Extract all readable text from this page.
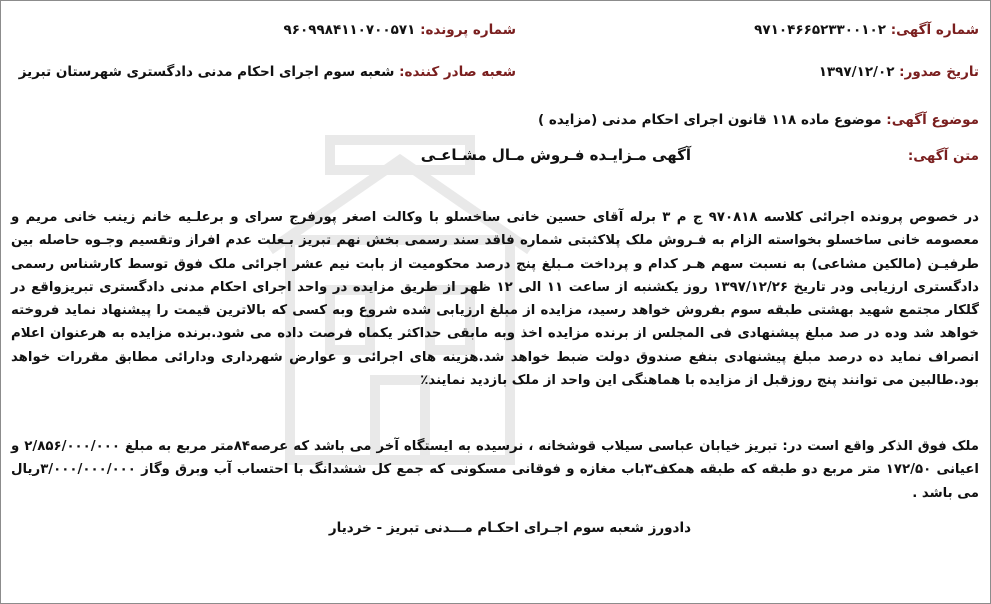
شماره آگهی: ۹۷۱۰۴۶۶۵۲۳۳۰۰۱۰۲
شماره پرونده: ۹۶۰۹۹۸۴۱۱۰۷۰۰۵۷۱
تاریخ صدور: ۱۳۹۷/۱۲/۰۲
شعبه صادر کننده: شعبه سوم اجرای احکام مدنی دادگستری شهرستان تبریز
موضوع آگهی: موضوع ماده ۱۱۸ قانون اجرای احکام مدنی (مزایده )
متن آگهی:
آگهی مـزایـده فـروش مـال مشـاعـی
در خصوص پرونده اجرائی کلاسه ۹۷۰۸۱۸ ج م ۳ برله آقای حسین خانی ساخسلو با وکالت اصغر پورفرج سرای و برعلـیه خانم زینب خانی مریم و معصومه خانی ساخسلو بخواسته الزام به فـروش ملک پلاکثبتی شماره فاقد سند رسمی بخش نهم تبریز بـعلت عدم افراز وتقسیم وجـوه حاصله بین طرفیـن (مالکین مشاعی) به نسبت سهم هـر کدام و پرداخت مـبلغ پنج درصد محکومیت از بابت نیم عشر اجرائی ملک فوق توسط کارشناس رسمی دادگستری ارزیابی ودر تاریخ ۱۳۹۷/۱۲/۲۶ روز یکشنبه از ساعت ۱۱ الی ۱۲ ظهر از طریق مزایده در واحد اجرای احکام مدنی دادگستری تبریزواقع در گلکار مجتمع شهید بهشتی طبقه سوم بفروش خواهد رسید، مزایده از مبلغ ارزیابی شده شروع وبه کسی که بالاترین قیمت را پیشنهاد نماید فروخته خواهد شد وده در صد مبلغ پیشنهادی فی المجلس از برنده مزایده اخذ وبه مابقی حداکثر یکماه فرصت داده می شود.برنده مزایده به هرعنوان اعلام انصراف نماید ده درصد مبلغ پیشنهادی بنفع صندوق دولت ضبط خواهد شد.هزینه های اجرائی و عوارض شهرداری ودارائی مطابق مقررات خواهد بود.طالبین می توانند پنج روزقبل از مزایده با هماهنگی این واحد از ملک بازدید نمایند٪
ملک فوق الذکر واقع است در: تبریز خیابان عباسی سیلاب قوشخانه ، نرسیده به ایستگاه آخر می باشد که عرصه۸۴متر مربع به مبلغ ۲/۸۵۶/۰۰۰/۰۰۰ و اعیانی ۱۷۲/۵۰ متر مربع دو طبقه که طبقه همکف۳باب مغازه و فوقانی مسکونی که جمع کل ششدانگ با احتساب آب وبرق وگاز ۳/۰۰۰/۰۰۰/۰۰۰ریال می باشد .
دادورز شعبه سوم اجـرای احکـام مـــدنی تبریز - خردیار
